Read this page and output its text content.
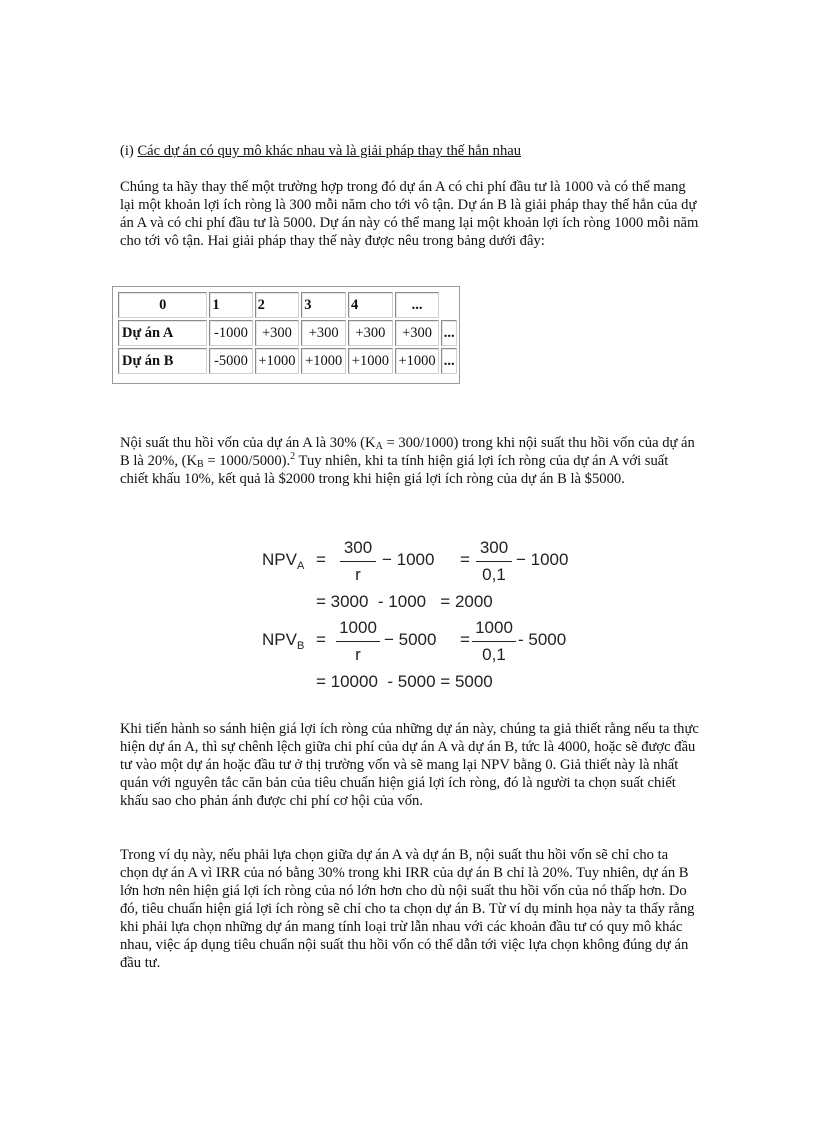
(i) Các dự án có quy mô khác nhau và là giải pháp thay thế hẳn nhau

Chúng ta hãy thay thế một trường hợp trong đó dự án A có chi phí đầu tư là 1000 và có thể mang lại một khoản lợi ích ròng là 300 mỗi năm cho tới vô tận. Dự án B là giải pháp thay thế hẳn của dự án A và có chi phí đầu tư là 5000. Dự án này có thể mang lại một khoản lợi ích ròng 1000 mỗi năm cho tới vô tận. Hai giải pháp thay thế này được nêu trong bảng dưới đây:

0	1	2	3	4	...	
Dự án A	-1000	+300	+300	+300	+300	...
Dự án B	-5000	+1000	+1000	+1000	+1000	...

Nội suất thu hồi vốn của dự án A là 30% $(K_A = 300/1000)$ trong khi nội suất thu hồi vốn của dự án B là 20%, $(K_B = 1000/5000).^2$ Tuy nhiên, khi ta tính hiện giá lợi ích ròng của dự án A với suất chiết khấu 10%, kết quả là $2000 trong khi hiện giá lợi ích ròng của dự án B là $5000.

$NPV_A = \frac{300}{r} - 1000 = \frac{300}{0,1} - 1000$
= 3000  - 1000   = 2000
$NPV_B = \frac{1000}{r} - 5000 = \frac{1000}{0,1} - 5000$
= 10000  - 5000 = 5000

Khi tiến hành so sánh hiện giá lợi ích ròng của những dự án này, chúng ta giả thiết rằng nếu ta thực hiện dự án A, thì sự chênh lệch giữa chi phí của dự án A và dự án B, tức là 4000, hoặc sẽ được đầu tư vào một dự án hoặc đầu tư ở thị trường vốn và sẽ mang lại NPV bằng 0. Giả thiết này là nhất quán với nguyên tắc căn bản của tiêu chuẩn hiện giá lợi ích ròng, đó là người ta chọn suất chiết khấu sao cho phản ánh được chi phí cơ hội của vốn.

Trong ví dụ này, nếu phải lựa chọn giữa dự án A và dự án B, nội suất thu hồi vốn sẽ chỉ cho ta chọn dự án A vì IRR của nó bằng 30% trong khi IRR của dự án B chỉ là 20%. Tuy nhiên, dự án B lớn hơn nên hiện giá lợi ích ròng của nó lớn hơn cho dù nội suất thu hồi vốn của nó thấp hơn. Do đó, tiêu chuẩn hiện giá lợi ích ròng sẽ chỉ cho ta chọn dự án B. Từ ví dụ minh họa này ta thấy rằng khi phải lựa chọn những dự án mang tính loại trừ lẫn nhau với các khoản đầu tư có quy mô khác nhau, việc áp dụng tiêu chuẩn nội suất thu hồi vốn có thể dẫn tới việc lựa chọn không đúng dự án đầu tư.
